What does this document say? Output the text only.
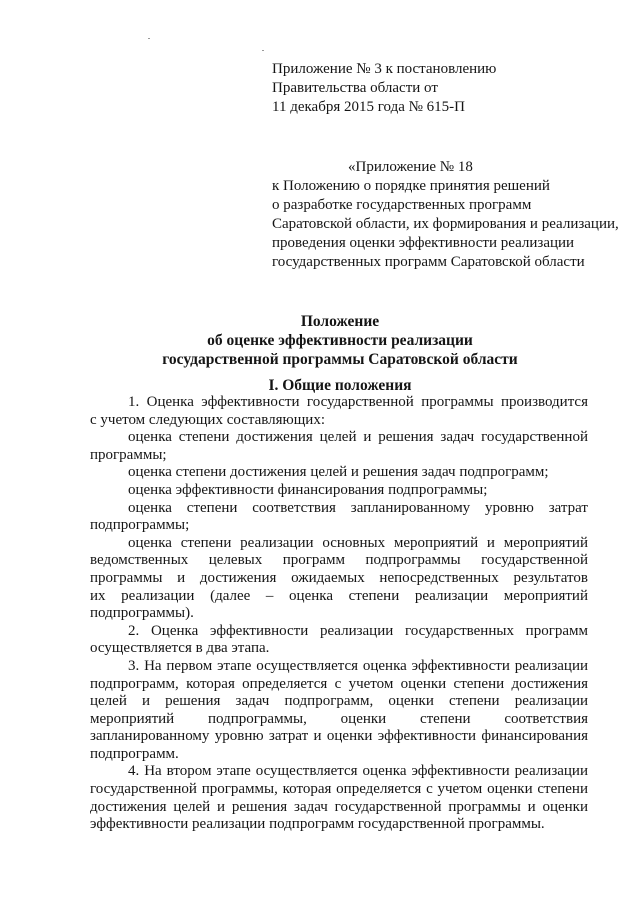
Приложение № 3 к постановлению
Правительства области от
11 декабря 2015 года № 615-П
«Приложение № 18
к Положению о порядке принятия решений
о разработке государственных программ
Саратовской области, их формирования и реализации,
проведения оценки эффективности реализации
государственных программ Саратовской области
Положение
об оценке эффективности реализации
государственной программы Саратовской области
I. Общие положения
1. Оценка эффективности государственной программы производится
с учетом следующих составляющих:
оценка степени достижения целей и решения задач государственной
программы;
оценка степени достижения целей и решения задач подпрограмм;
оценка эффективности финансирования подпрограммы;
оценка степени соответствия запланированному уровню затрат
подпрограммы;
оценка степени реализации основных мероприятий и мероприятий
ведомственных целевых программ подпрограммы государственной
программы и достижения ожидаемых непосредственных результатов
их реализации (далее – оценка степени реализации мероприятий
подпрограммы).
2. Оценка эффективности реализации государственных программ
осуществляется в два этапа.
3. На первом этапе осуществляется оценка эффективности реализации
подпрограмм, которая определяется с учетом оценки степени достижения
целей и решения задач подпрограмм, оценки степени реализации
мероприятий подпрограммы, оценки степени соответствия
запланированному уровню затрат и оценки эффективности финансирования
подпрограмм.
4. На втором этапе осуществляется оценка эффективности реализации
государственной программы, которая определяется с учетом оценки степени
достижения целей и решения задач государственной программы и оценки
эффективности реализации подпрограмм государственной программы.
